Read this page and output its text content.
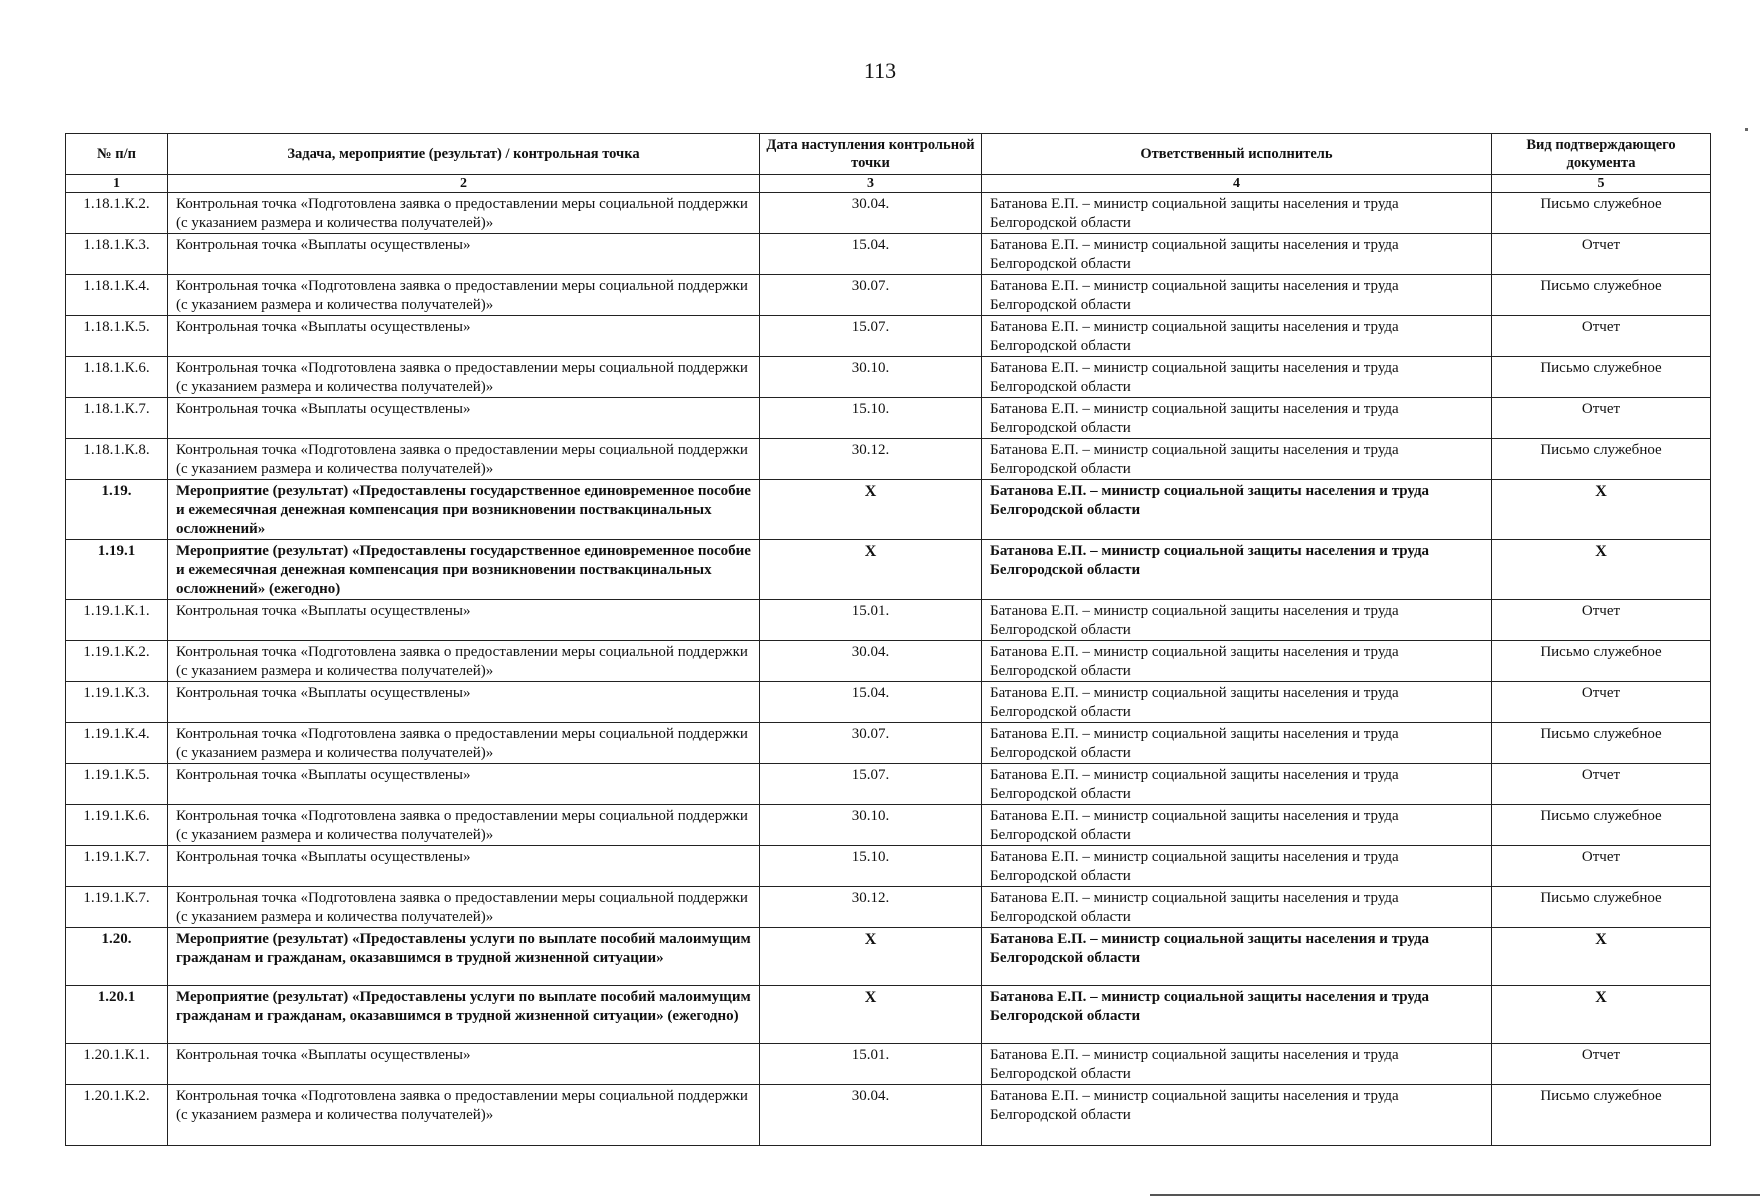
113
№ п/п	Задача, мероприятие (результат) / контрольная точка	Дата наступления контрольной точки	Ответственный исполнитель	Вид подтверждающего документа
1	2	3	4	5
1.18.1.К.2.	Контрольная точка «Подготовлена заявка о предоставлении меры социальной поддержки (с указанием размера и количества получателей)»	30.04.	Батанова Е.П. – министр социальной защиты населения и труда Белгородской области	Письмо служебное
1.18.1.К.3.	Контрольная точка «Выплаты осуществлены»	15.04.	Батанова Е.П. – министр социальной защиты населения и труда Белгородской области	Отчет
1.18.1.К.4.	Контрольная точка «Подготовлена заявка о предоставлении меры социальной поддержки (с указанием размера и количества получателей)»	30.07.	Батанова Е.П. – министр социальной защиты населения и труда Белгородской области	Письмо служебное
1.18.1.К.5.	Контрольная точка «Выплаты осуществлены»	15.07.	Батанова Е.П. – министр социальной защиты населения и труда Белгородской области	Отчет
1.18.1.К.6.	Контрольная точка «Подготовлена заявка о предоставлении меры социальной поддержки (с указанием размера и количества получателей)»	30.10.	Батанова Е.П. – министр социальной защиты населения и труда Белгородской области	Письмо служебное
1.18.1.К.7.	Контрольная точка «Выплаты осуществлены»	15.10.	Батанова Е.П. – министр социальной защиты населения и труда Белгородской области	Отчет
1.18.1.К.8.	Контрольная точка «Подготовлена заявка о предоставлении меры социальной поддержки (с указанием размера и количества получателей)»	30.12.	Батанова Е.П. – министр социальной защиты населения и труда Белгородской области	Письмо служебное
1.19.	Мероприятие (результат) «Предоставлены государственное единовременное пособие и ежемесячная денежная компенсация при возникновении поствакцинальных осложнений»	Х	Батанова Е.П. – министр социальной защиты населения и труда Белгородской области	Х
1.19.1	Мероприятие (результат) «Предоставлены государственное единовременное пособие и ежемесячная денежная компенсация при возникновении поствакцинальных осложнений» (ежегодно)	Х	Батанова Е.П. – министр социальной защиты населения и труда Белгородской области	Х
1.19.1.К.1.	Контрольная точка «Выплаты осуществлены»	15.01.	Батанова Е.П. – министр социальной защиты населения и труда Белгородской области	Отчет
1.19.1.К.2.	Контрольная точка «Подготовлена заявка о предоставлении меры социальной поддержки (с указанием размера и количества получателей)»	30.04.	Батанова Е.П. – министр социальной защиты населения и труда Белгородской области	Письмо служебное
1.19.1.К.3.	Контрольная точка «Выплаты осуществлены»	15.04.	Батанова Е.П. – министр социальной защиты населения и труда Белгородской области	Отчет
1.19.1.К.4.	Контрольная точка «Подготовлена заявка о предоставлении меры социальной поддержки (с указанием размера и количества получателей)»	30.07.	Батанова Е.П. – министр социальной защиты населения и труда Белгородской области	Письмо служебное
1.19.1.К.5.	Контрольная точка «Выплаты осуществлены»	15.07.	Батанова Е.П. – министр социальной защиты населения и труда Белгородской области	Отчет
1.19.1.К.6.	Контрольная точка «Подготовлена заявка о предоставлении меры социальной поддержки (с указанием размера и количества получателей)»	30.10.	Батанова Е.П. – министр социальной защиты населения и труда Белгородской области	Письмо служебное
1.19.1.К.7.	Контрольная точка «Выплаты осуществлены»	15.10.	Батанова Е.П. – министр социальной защиты населения и труда Белгородской области	Отчет
1.19.1.К.7.	Контрольная точка «Подготовлена заявка о предоставлении меры социальной поддержки (с указанием размера и количества получателей)»	30.12.	Батанова Е.П. – министр социальной защиты населения и труда Белгородской области	Письмо служебное
1.20.	Мероприятие (результат) «Предоставлены услуги по выплате пособий малоимущим гражданам и гражданам, оказавшимся в трудной жизненной ситуации»	Х	Батанова Е.П. – министр социальной защиты населения и труда Белгородской области	Х
1.20.1	Мероприятие (результат) «Предоставлены услуги по выплате пособий малоимущим гражданам и гражданам, оказавшимся в трудной жизненной ситуации» (ежегодно)	Х	Батанова Е.П. – министр социальной защиты населения и труда Белгородской области	Х
1.20.1.К.1.	Контрольная точка «Выплаты осуществлены»	15.01.	Батанова Е.П. – министр социальной защиты населения и труда Белгородской области	Отчет
1.20.1.К.2.	Контрольная точка «Подготовлена заявка о предоставлении меры социальной поддержки (с указанием размера и количества получателей)»	30.04.	Батанова Е.П. – министр социальной защиты населения и труда Белгородской области	Письмо служебное
